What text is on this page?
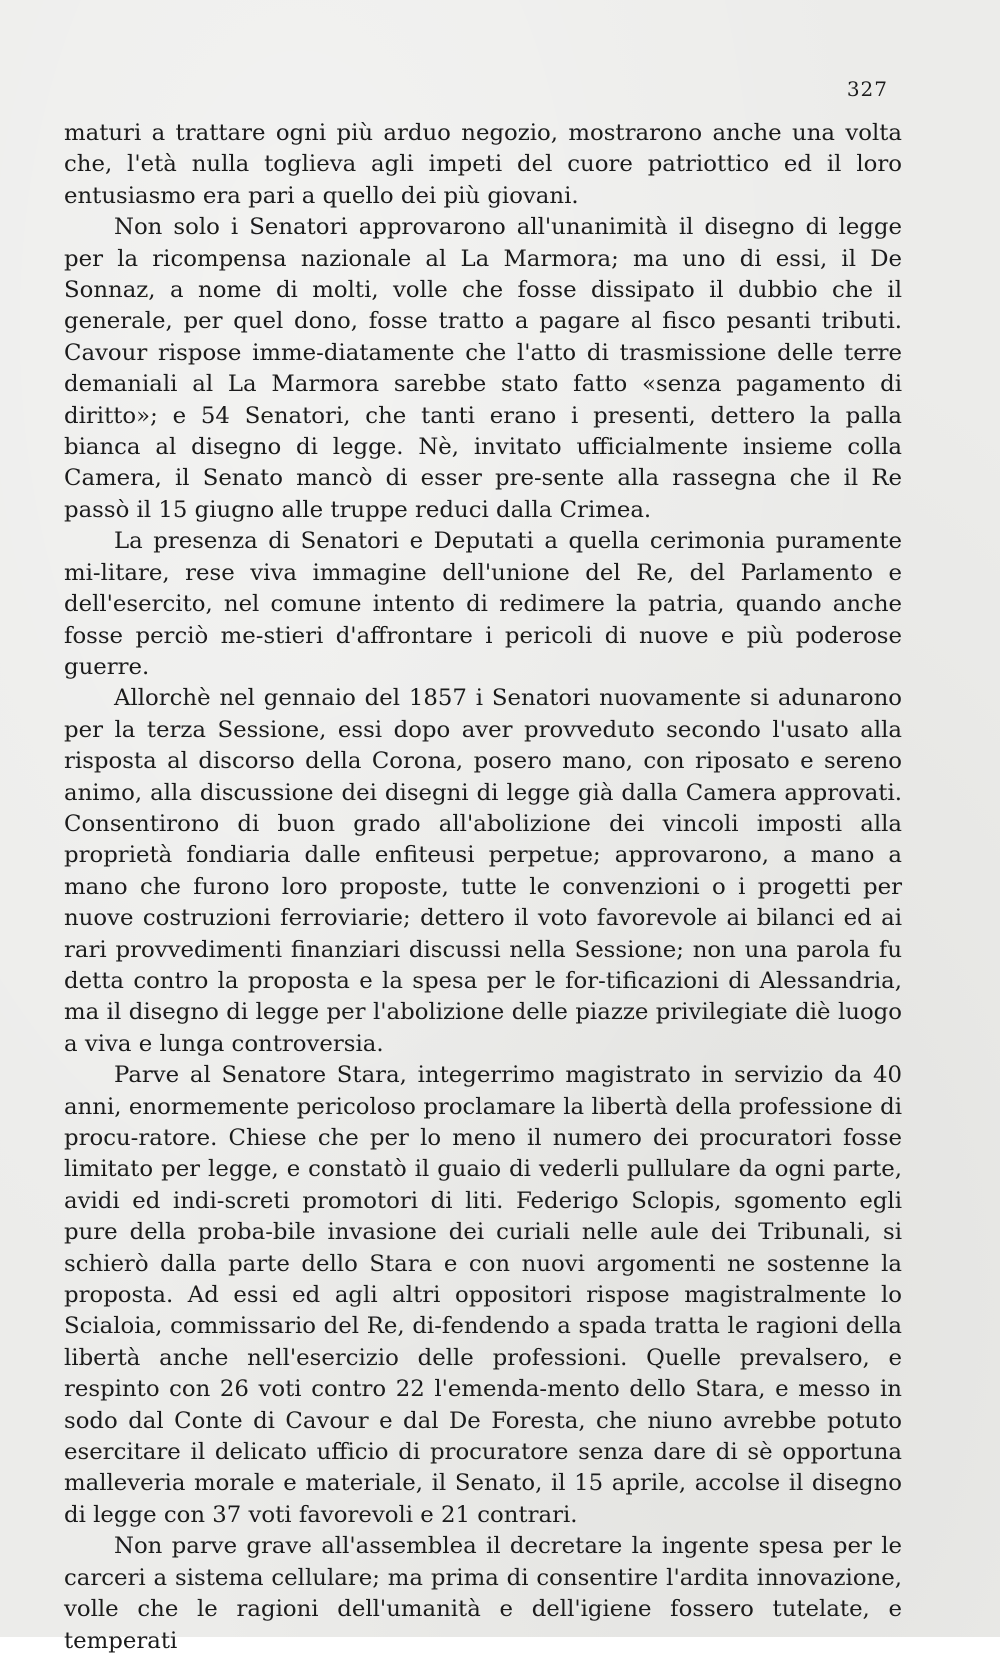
327

maturi a trattare ogni più arduo negozio, mostrarono anche una volta che, l'età nulla toglieva agli impeti del cuore patriottico ed il loro entusiasmo era pari a quello dei più giovani.

Non solo i Senatori approvarono all'unanimità il disegno di legge per la ricompensa nazionale al La Marmora; ma uno di essi, il De Sonnaz, a nome di molti, volle che fosse dissipato il dubbio che il generale, per quel dono, fosse tratto a pagare al fisco pesanti tributi. Cavour rispose imme-diatamente che l'atto di trasmissione delle terre demaniali al La Marmora sarebbe stato fatto «senza pagamento di diritto»; e 54 Senatori, che tanti erano i presenti, dettero la palla bianca al disegno di legge. Nè, invitato ufficialmente insieme colla Camera, il Senato mancò di esser pre-sente alla rassegna che il Re passò il 15 giugno alle truppe reduci dalla Crimea.

La presenza di Senatori e Deputati a quella cerimonia puramente mi-litare, rese viva immagine dell'unione del Re, del Parlamento e dell'esercito, nel comune intento di redimere la patria, quando anche fosse perciò me-stieri d'affrontare i pericoli di nuove e più poderose guerre.

Allorchè nel gennaio del 1857 i Senatori nuovamente si adunarono per la terza Sessione, essi dopo aver provveduto secondo l'usato alla risposta al discorso della Corona, posero mano, con riposato e sereno animo, alla discussione dei disegni di legge già dalla Camera approvati. Consentirono di buon grado all'abolizione dei vincoli imposti alla proprietà fondiaria dalle enfiteusi perpetue; approvarono, a mano a mano che furono loro proposte, tutte le convenzioni o i progetti per nuove costruzioni ferroviarie; dettero il voto favorevole ai bilanci ed ai rari provvedimenti finanziari discussi nella Sessione; non una parola fu detta contro la proposta e la spesa per le for-tificazioni di Alessandria, ma il disegno di legge per l'abolizione delle piazze privilegiate diè luogo a viva e lunga controversia.

Parve al Senatore Stara, integerrimo magistrato in servizio da 40 anni, enormemente pericoloso proclamare la libertà della professione di procu-ratore. Chiese che per lo meno il numero dei procuratori fosse limitato per legge, e constatò il guaio di vederli pullulare da ogni parte, avidi ed indi-screti promotori di liti. Federigo Sclopis, sgomento egli pure della proba-bile invasione dei curiali nelle aule dei Tribunali, si schierò dalla parte dello Stara e con nuovi argomenti ne sostenne la proposta. Ad essi ed agli altri oppositori rispose magistralmente lo Scialoia, commissario del Re, di-fendendo a spada tratta le ragioni della libertà anche nell'esercizio delle professioni. Quelle prevalsero, e respinto con 26 voti contro 22 l'emenda-mento dello Stara, e messo in sodo dal Conte di Cavour e dal De Foresta, che niuno avrebbe potuto esercitare il delicato ufficio di procuratore senza dare di sè opportuna malleveria morale e materiale, il Senato, il 15 aprile, accolse il disegno di legge con 37 voti favorevoli e 21 contrari.

Non parve grave all'assemblea il decretare la ingente spesa per le carceri a sistema cellulare; ma prima di consentire l'ardita innovazione, volle che le ragioni dell'umanità e dell'igiene fossero tutelate, e temperati
